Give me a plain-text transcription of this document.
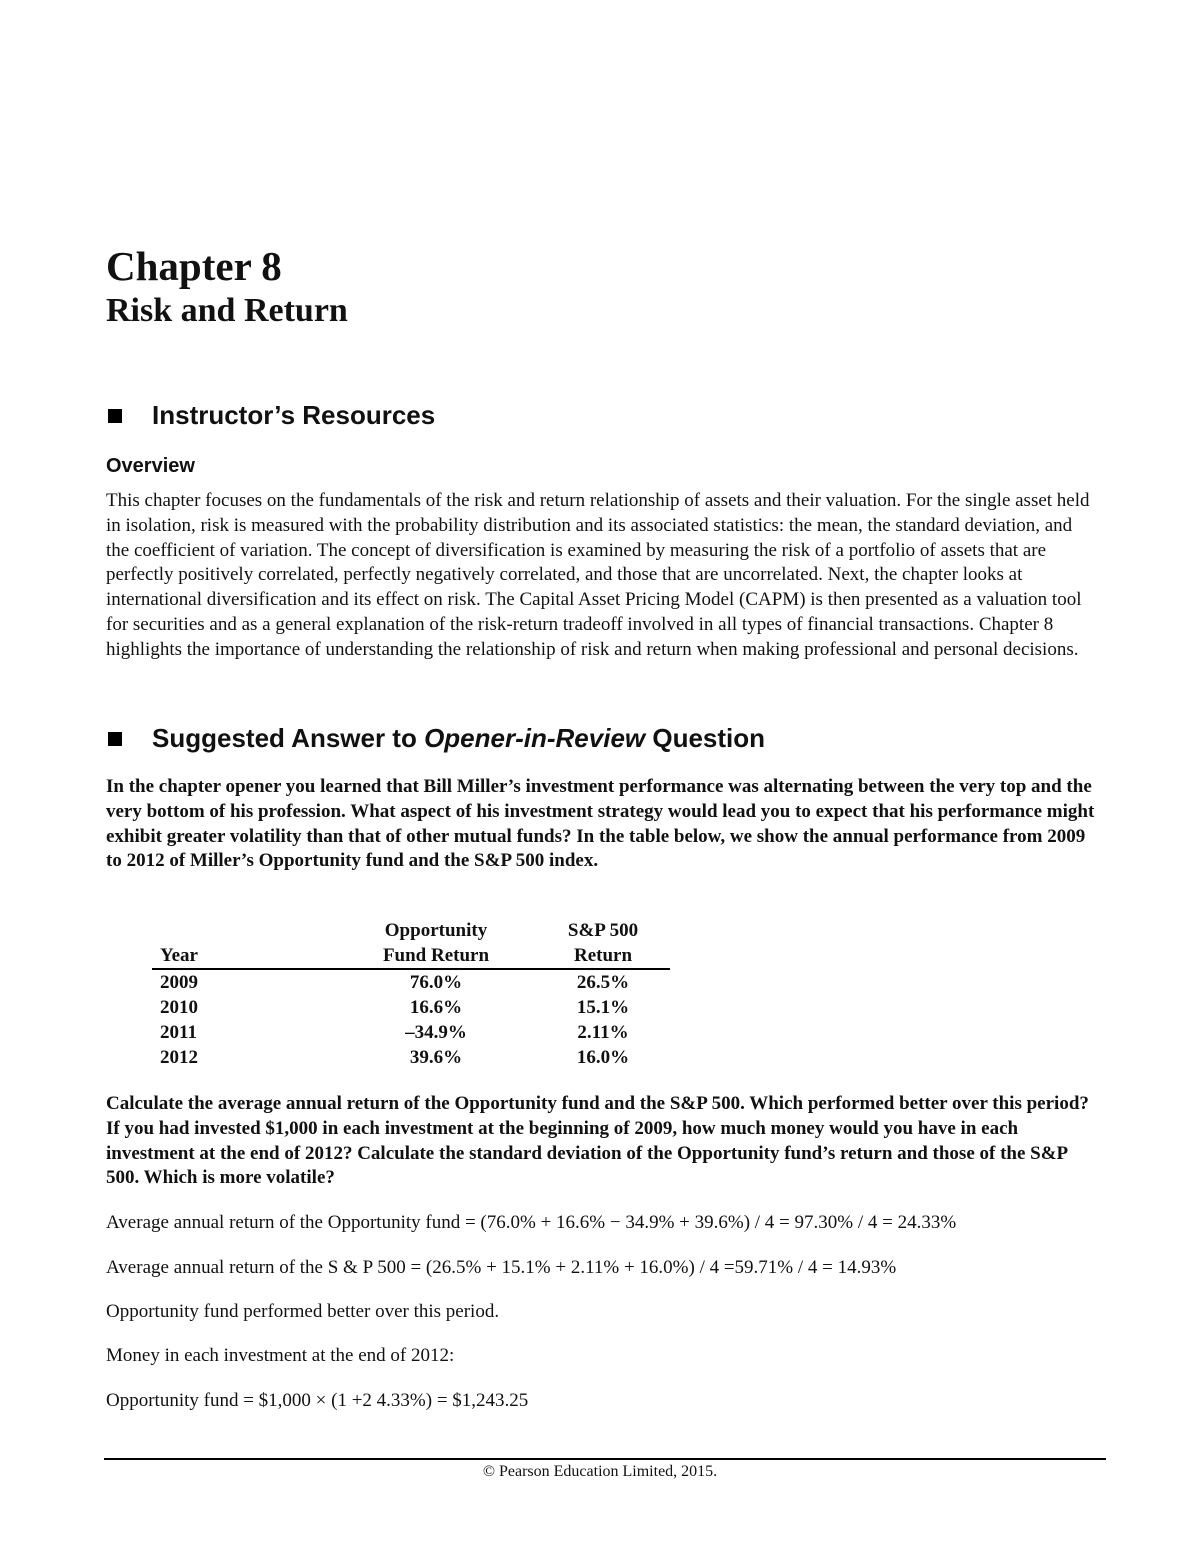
Chapter 8
Risk and Return
Instructor’s Resources
Overview

This chapter focuses on the fundamentals of the risk and return relationship of assets and their valuation. For the single asset held in isolation, risk is measured with the probability distribution and its associated statistics: the mean, the standard deviation, and the coefficient of variation. The concept of diversification is examined by measuring the risk of a portfolio of assets that are perfectly positively correlated, perfectly negatively correlated, and those that are uncorrelated. Next, the chapter looks at international diversification and its effect on risk. The Capital Asset Pricing Model (CAPM) is then presented as a valuation tool for securities and as a general explanation of the risk-return tradeoff involved in all types of financial transactions. Chapter 8 highlights the importance of understanding the relationship of risk and return when making professional and personal decisions.

Suggested Answer to Opener-in-Review Question

In the chapter opener you learned that Bill Miller’s investment performance was alternating between the very top and the very bottom of his profession. What aspect of his investment strategy would lead you to expect that his performance might exhibit greater volatility than that of other mutual funds? In the table below, we show the annual performance from 2009 to 2012 of Miller’s Opportunity fund and the S&P 500 index.

	Opportunity	S&P 500
Year	Fund Return	Return
2009	76.0%	26.5%
2010	16.6%	15.1%
2011	–34.9%	2.11%
2012	39.6%	16.0%

Calculate the average annual return of the Opportunity fund and the S&P 500. Which performed better over this period? If you had invested $1,000 in each investment at the beginning of 2009, how much money would you have in each investment at the end of 2012? Calculate the standard deviation of the Opportunity fund’s return and those of the S&P 500. Which is more volatile?

Average annual return of the Opportunity fund = (76.0% + 16.6% − 34.9% + 39.6%) / 4 = 97.30% / 4 = 24.33%

Average annual return of the S & P 500 = (26.5% + 15.1% + 2.11% + 16.0%) / 4 =59.71% / 4 = 14.93%

Opportunity fund performed better over this period.

Money in each investment at the end of 2012:

Opportunity fund = $1,000 × (1 +2 4.33%) = $1,243.25

© Pearson Education Limited, 2015.
